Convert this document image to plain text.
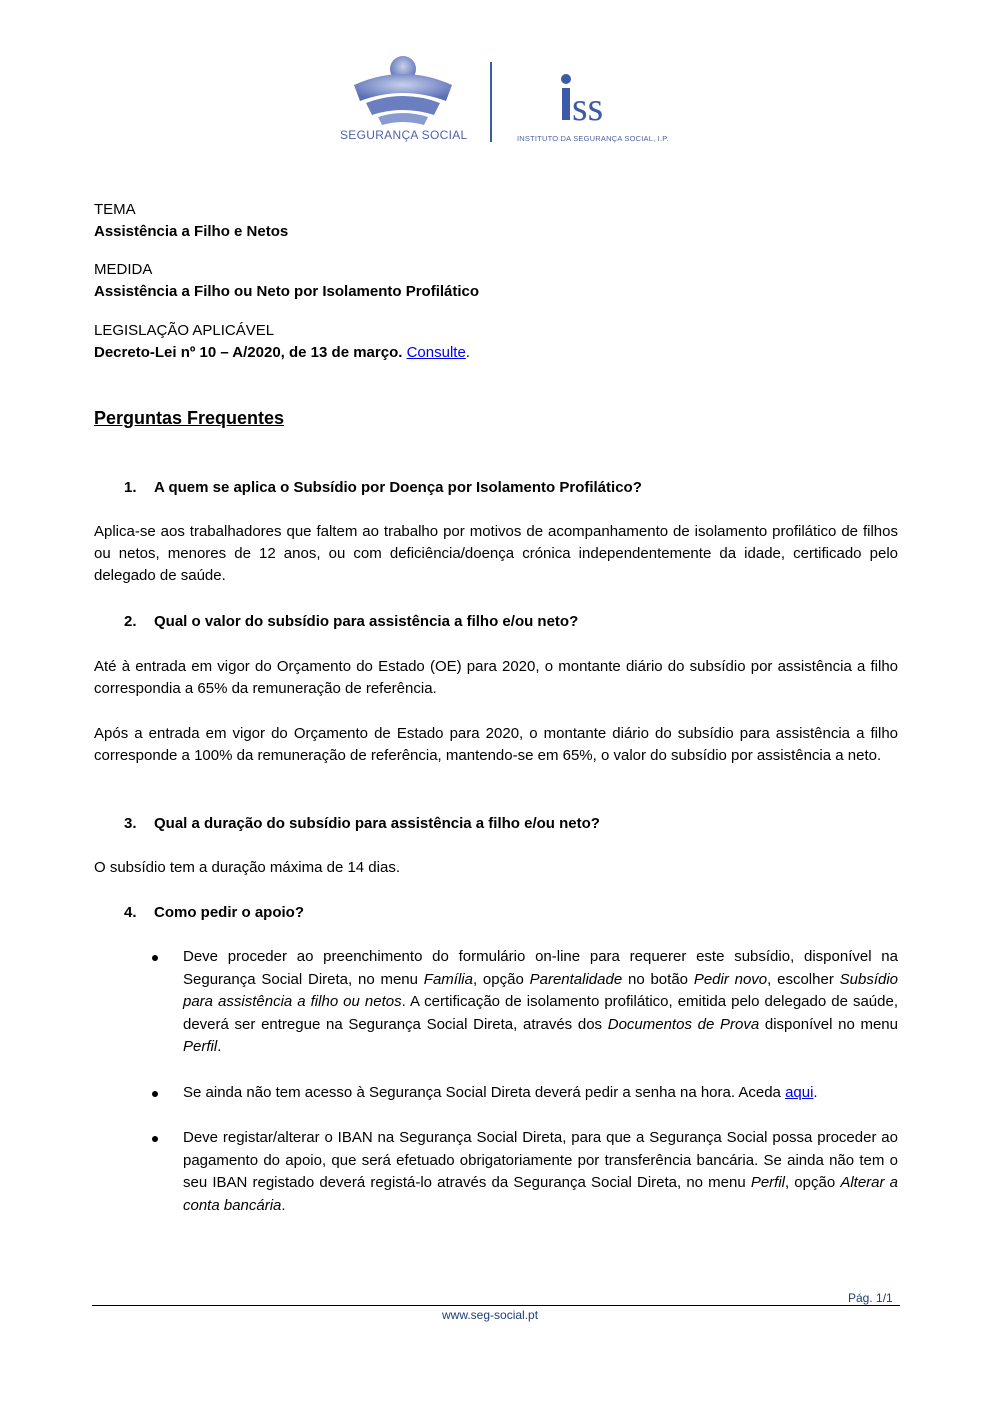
SEGURANÇA SOCIAL
ss
INSTITUTO DA SEGURANÇA SOCIAL, I.P.
TEMA
Assistência a Filho e Netos
MEDIDA
Assistência a Filho ou Neto por Isolamento Profilático
LEGISLAÇÃO APLICÁVEL
Decreto-Lei nº 10 – A/2020, de 13 de março. Consulte.
Perguntas Frequentes
1. A quem se aplica o Subsídio por Doença por Isolamento Profilático?
Aplica-se aos trabalhadores que faltem ao trabalho por motivos de acompanhamento de isolamento profilático de filhos ou netos, menores de 12 anos, ou com deficiência/doença crónica independentemente da idade, certificado pelo delegado de saúde.
2. Qual o valor do subsídio para assistência a filho e/ou neto?
Até à entrada em vigor do Orçamento do Estado (OE) para 2020, o montante diário do subsídio por assistência a filho correspondia a 65% da remuneração de referência.
Após a entrada em vigor do Orçamento de Estado para 2020, o montante diário do subsídio para assistência a filho corresponde a 100% da remuneração de referência, mantendo-se em 65%, o valor do subsídio por assistência a neto.
3. Qual a duração do subsídio para assistência a filho e/ou neto?
O subsídio tem a duração máxima de 14 dias.
4. Como pedir o apoio?
Deve proceder ao preenchimento do formulário on-line para requerer este subsídio, disponível na Segurança Social Direta, no menu Família, opção Parentalidade no botão Pedir novo, escolher Subsídio para assistência a filho ou netos. A certificação de isolamento profilático, emitida pelo delegado de saúde, deverá ser entregue na Segurança Social Direta, através dos Documentos de Prova disponível no menu Perfil.
Se ainda não tem acesso à Segurança Social Direta deverá pedir a senha na hora. Aceda aqui.
Deve registar/alterar o IBAN na Segurança Social Direta, para que a Segurança Social possa proceder ao pagamento do apoio, que será efetuado obrigatoriamente por transferência bancária. Se ainda não tem o seu IBAN registado deverá registá-lo através da Segurança Social Direta, no menu Perfil, opção Alterar a conta bancária.
Pág. 1/1
www.seg-social.pt
